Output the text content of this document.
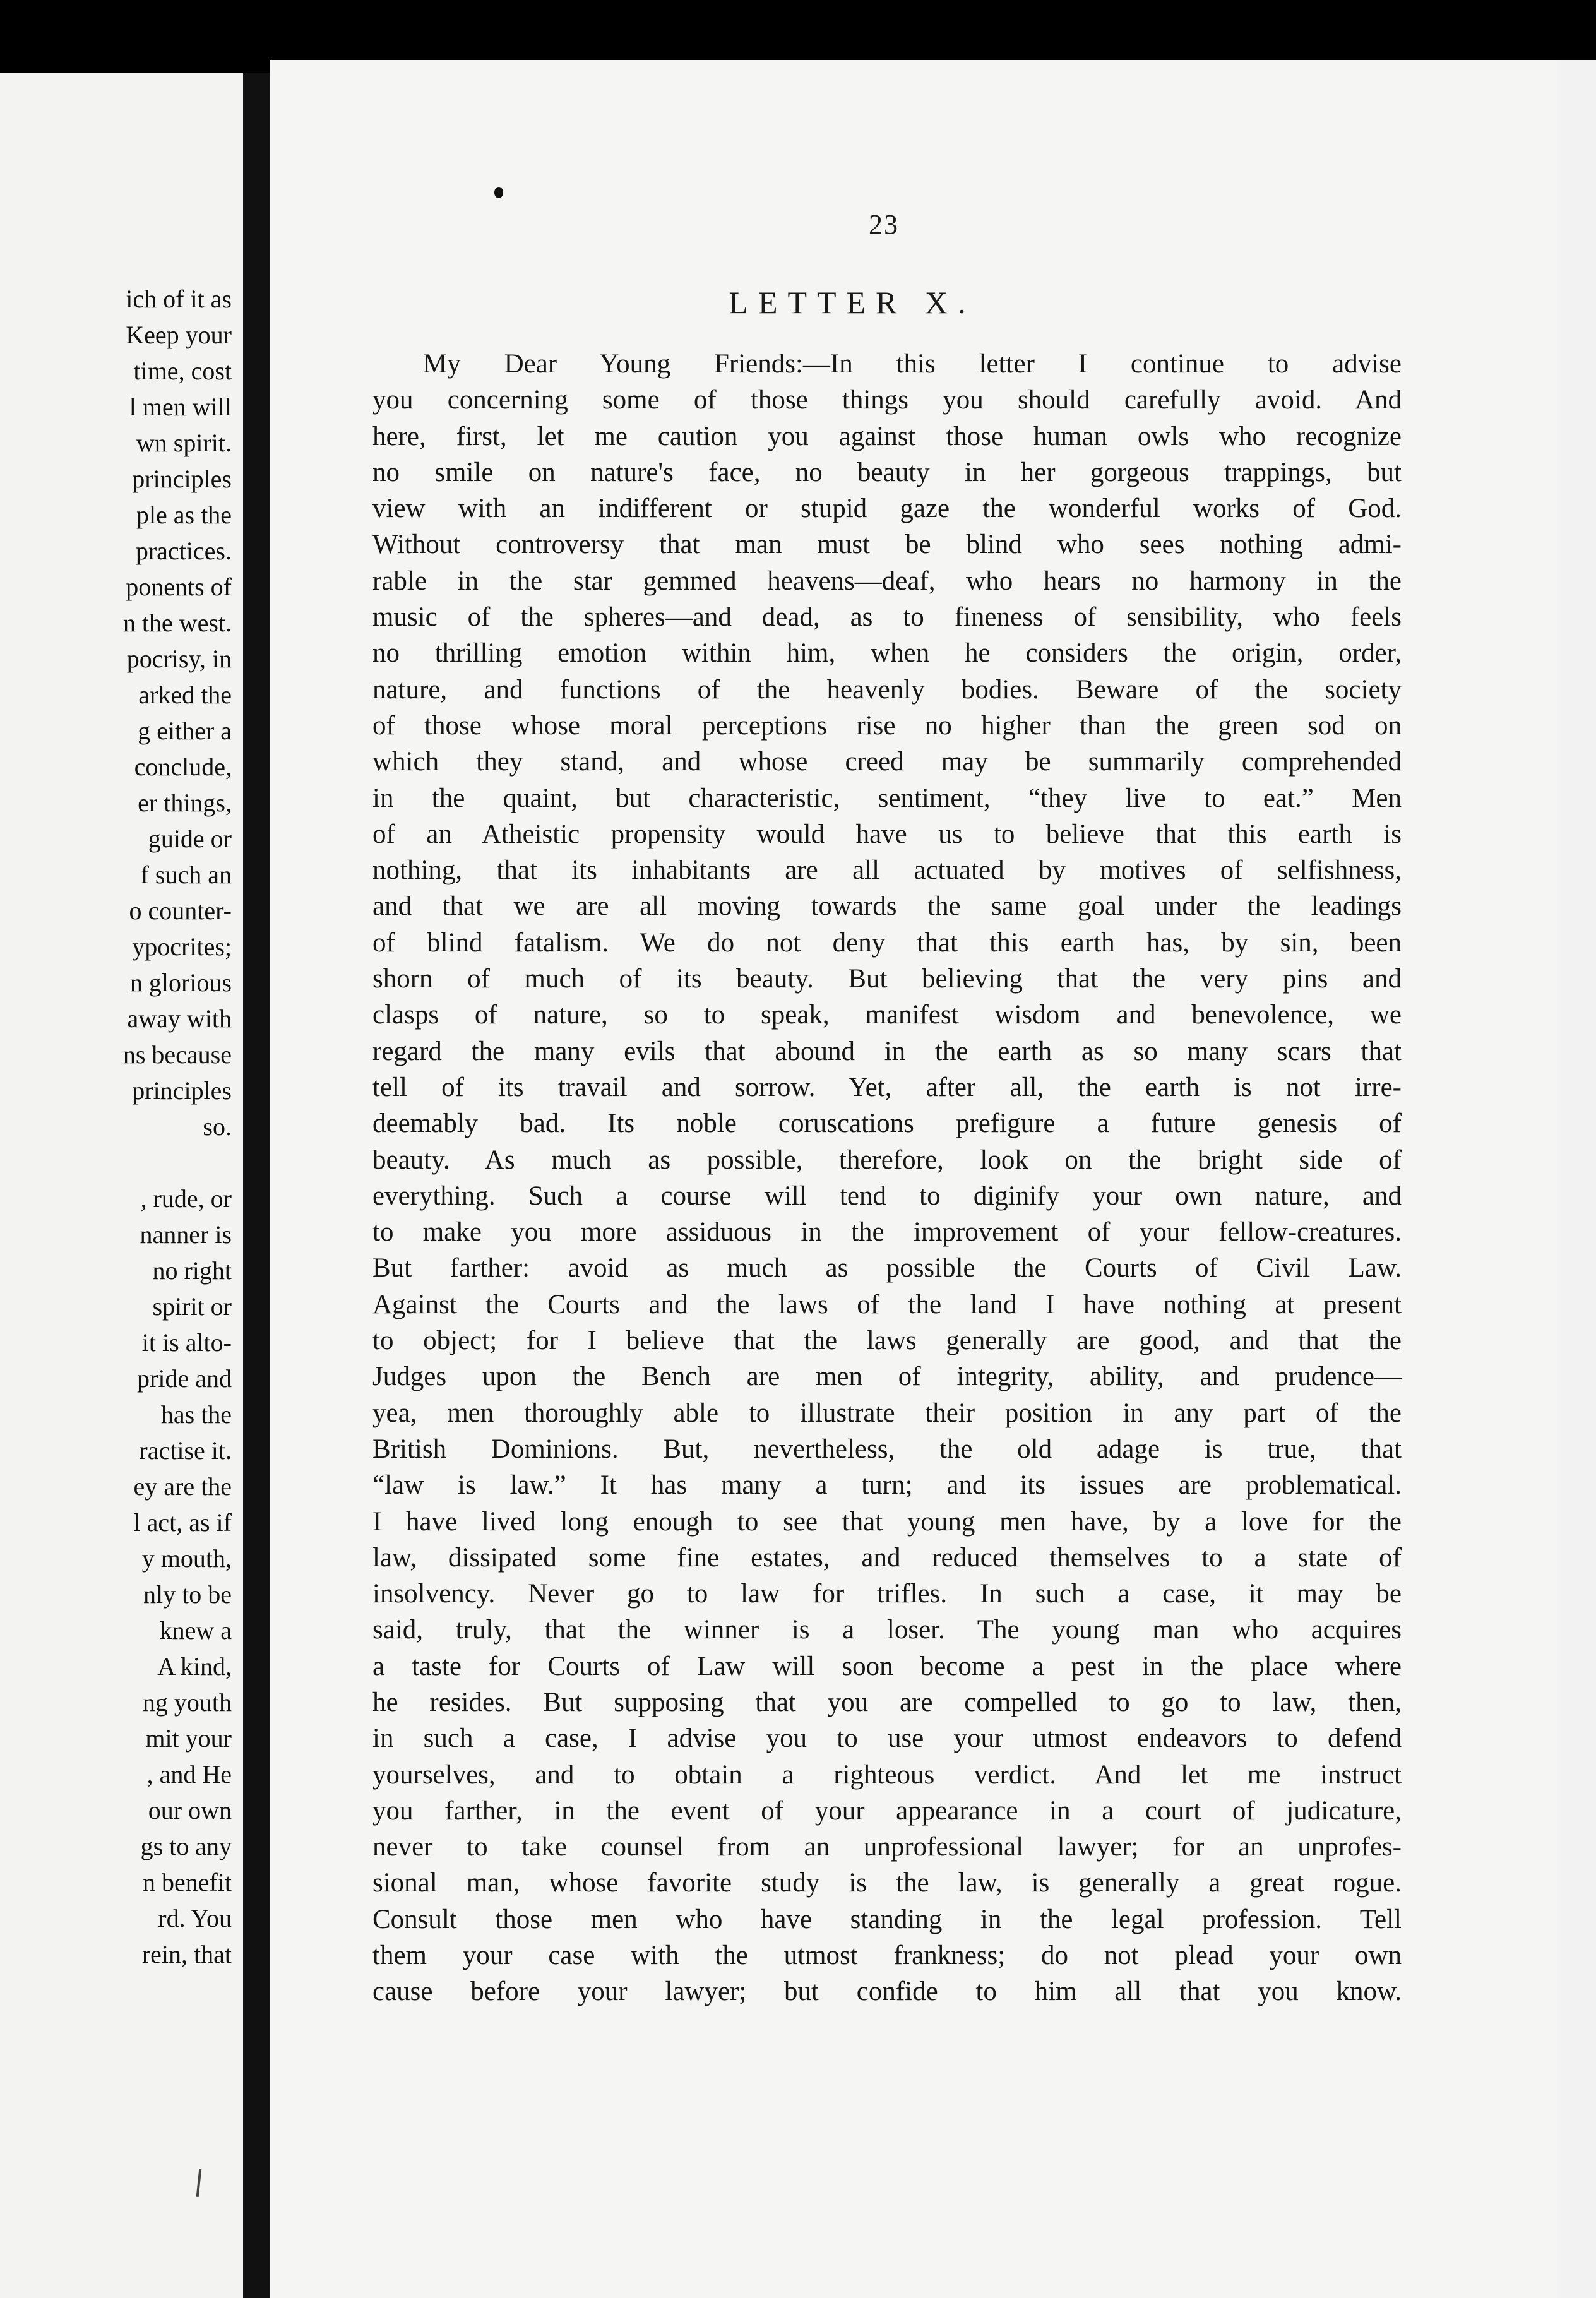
ich of it as
Keep your
time, cost
l men will
wn spirit.
principles
ple as the
practices.
ponents of
n the west.
pocrisy, in
arked the
g either a
conclude,
er things,
guide or
f such an
o counter-
ypocrites;
n glorious
away with
ns because
principles
so.
, rude, or
nanner is
no right
spirit or
it is alto-
pride and
has the
ractise it.
ey are the
l act, as if
y mouth,
nly to be
knew a
A kind,
ng youth
mit your
, and He
our own
gs to any
n benefit
rd. You
rein, that
23
LETTER X.
My Dear Young Friends:—In this letter I continue to advise
you concerning some of those things you should carefully avoid. And
here, first, let me caution you against those human owls who recognize
no smile on nature's face, no beauty in her gorgeous trappings, but
view with an indifferent or stupid gaze the wonderful works of God.
Without controversy that man must be blind who sees nothing admi-
rable in the star gemmed heavens—deaf, who hears no harmony in the
music of the spheres—and dead, as to fineness of sensibility, who feels
no thrilling emotion within him, when he considers the origin, order,
nature, and functions of the heavenly bodies. Beware of the society
of those whose moral perceptions rise no higher than the green sod on
which they stand, and whose creed may be summarily comprehended
in the quaint, but characteristic, sentiment, “they live to eat.” Men
of an Atheistic propensity would have us to believe that this earth is
nothing, that its inhabitants are all actuated by motives of selfishness,
and that we are all moving towards the same goal under the leadings
of blind fatalism. We do not deny that this earth has, by sin, been
shorn of much of its beauty. But believing that the very pins and
clasps of nature, so to speak, manifest wisdom and benevolence, we
regard the many evils that abound in the earth as so many scars that
tell of its travail and sorrow. Yet, after all, the earth is not irre-
deemably bad. Its noble coruscations prefigure a future genesis of
beauty. As much as possible, therefore, look on the bright side of
everything. Such a course will tend to diginify your own nature, and
to make you more assiduous in the improvement of your fellow-creatures.
But farther: avoid as much as possible the Courts of Civil Law.
Against the Courts and the laws of the land I have nothing at present
to object; for I believe that the laws generally are good, and that the
Judges upon the Bench are men of integrity, ability, and prudence—
yea, men thoroughly able to illustrate their position in any part of the
British Dominions. But, nevertheless, the old adage is true, that
“law is law.” It has many a turn; and its issues are problematical.
I have lived long enough to see that young men have, by a love for the
law, dissipated some fine estates, and reduced themselves to a state of
insolvency. Never go to law for trifles. In such a case, it may be
said, truly, that the winner is a loser. The young man who acquires
a taste for Courts of Law will soon become a pest in the place where
he resides. But supposing that you are compelled to go to law, then,
in such a case, I advise you to use your utmost endeavors to defend
yourselves, and to obtain a righteous verdict. And let me instruct
you farther, in the event of your appearance in a court of judicature,
never to take counsel from an unprofessional lawyer; for an unprofes-
sional man, whose favorite study is the law, is generally a great rogue.
Consult those men who have standing in the legal profession. Tell
them your case with the utmost frankness; do not plead your own
cause before your lawyer; but confide to him all that you know.
